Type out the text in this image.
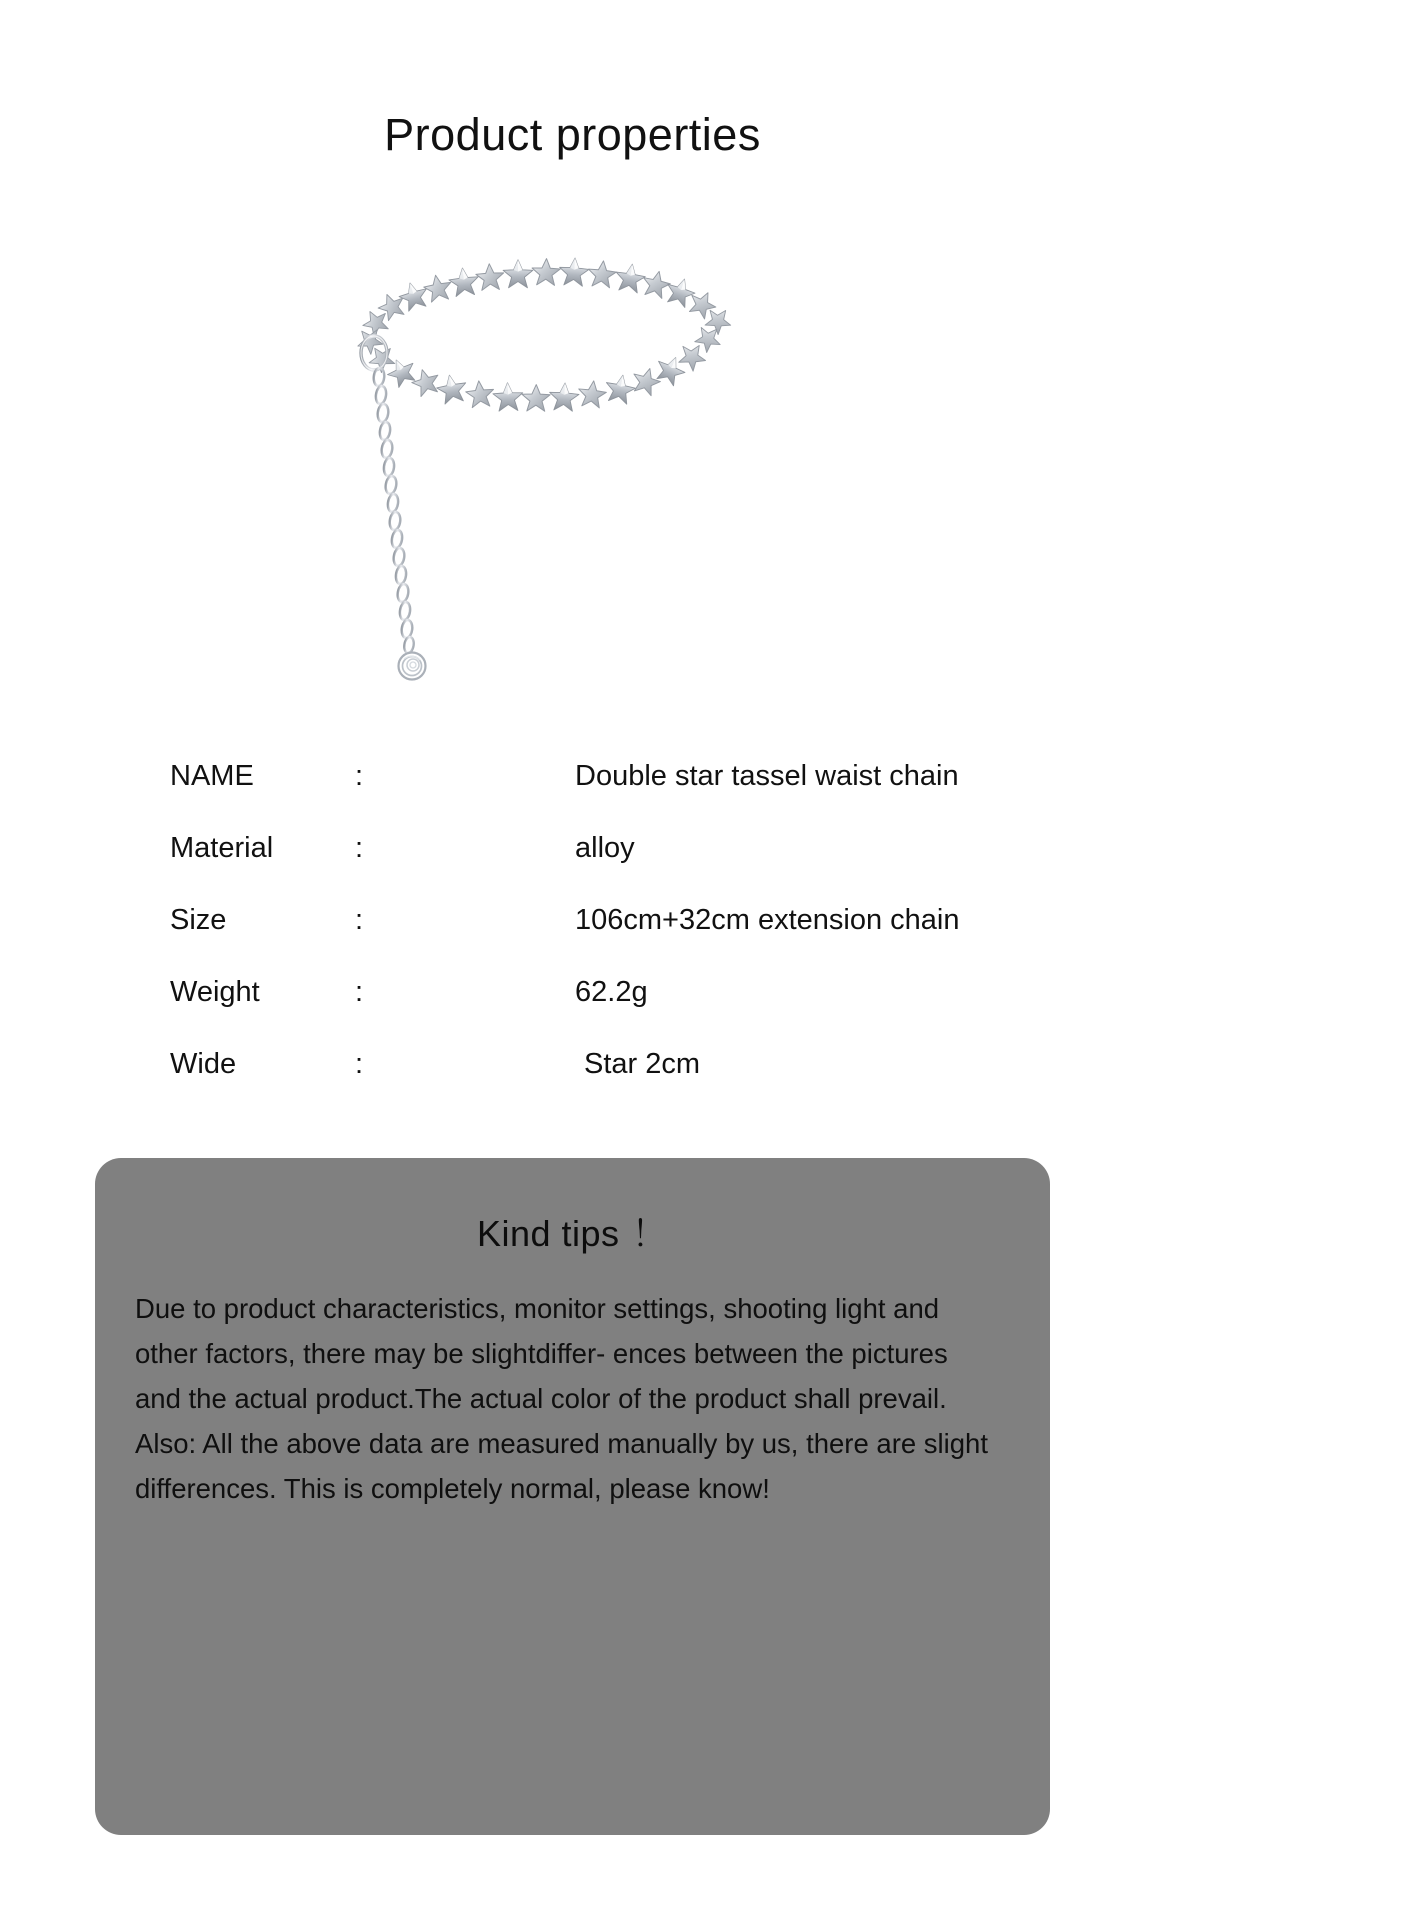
Product properties
NAME	:	Double star tassel waist chain
Material	:	alloy
Size	:	106cm+32cm extension chain
Weight	:	62.2g
Wide	:	Star 2cm
Kind tips ！

Due to product characteristics, monitor settings, shooting light and

other factors, there may be slightdiffer- ences between the pictures

and the actual product.The actual color of the product shall prevail.

Also: All the above data are measured manually by us, there are slight

differences. This is completely normal, please know!
